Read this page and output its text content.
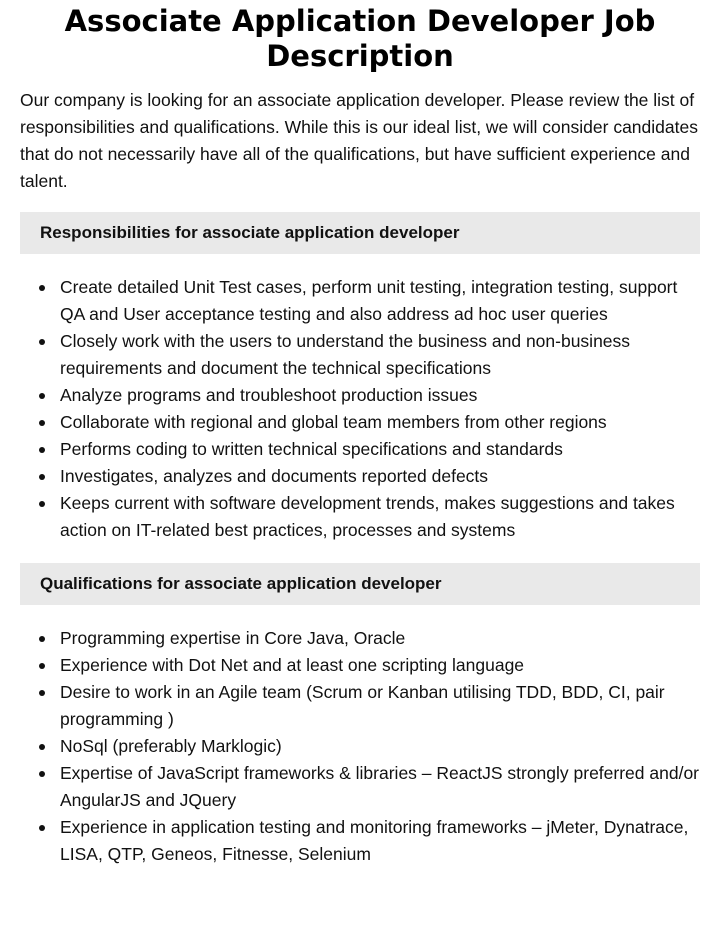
Associate Application Developer Job Description

Our company is looking for an associate application developer. Please review the list of responsibilities and qualifications. While this is our ideal list, we will consider candidates that do not necessarily have all of the qualifications, but have sufficient experience and talent.

Responsibilities for associate application developer
Create detailed Unit Test cases, perform unit testing, integration testing, support QA and User acceptance testing and also address ad hoc user queries
Closely work with the users to understand the business and non-business requirements and document the technical specifications
Analyze programs and troubleshoot production issues
Collaborate with regional and global team members from other regions
Performs coding to written technical specifications and standards
Investigates, analyzes and documents reported defects
Keeps current with software development trends, makes suggestions and takes action on IT-related best practices, processes and systems
Qualifications for associate application developer
Programming expertise in Core Java, Oracle
Experience with Dot Net and at least one scripting language
Desire to work in an Agile team (Scrum or Kanban utilising TDD, BDD, CI, pair programming )
NoSql (preferably Marklogic)
Expertise of JavaScript frameworks & libraries – ReactJS strongly preferred and/or AngularJS and JQuery
Experience in application testing and monitoring frameworks – jMeter, Dynatrace, LISA, QTP, Geneos, Fitnesse, Selenium
